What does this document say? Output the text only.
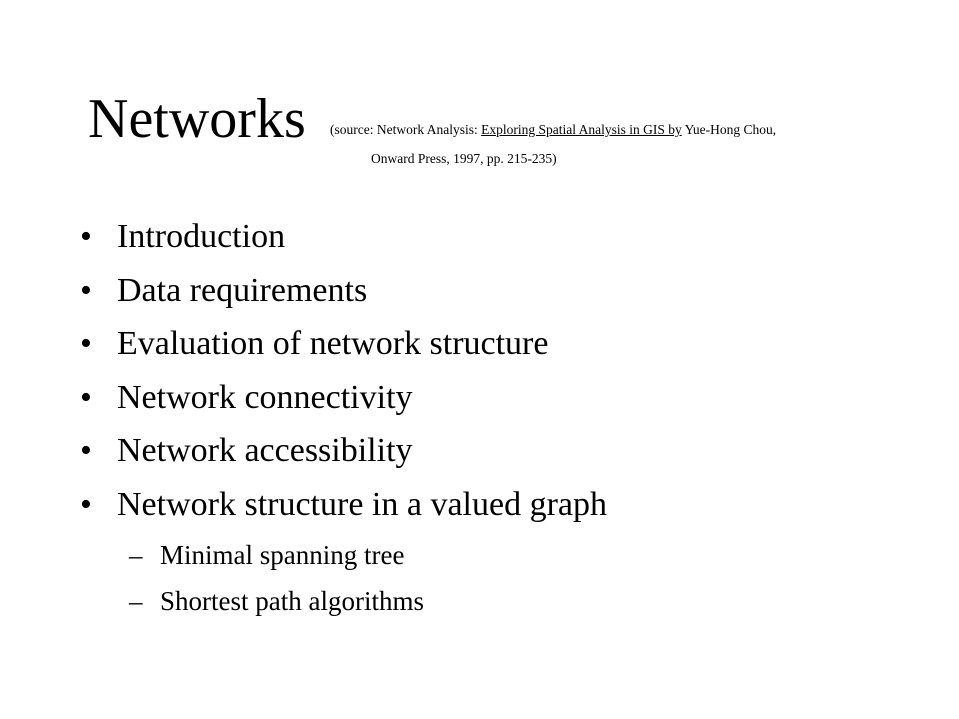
Networks (source: Network Analysis: Exploring Spatial Analysis in GIS by Yue-Hong Chou,
Onward Press, 1997, pp. 215-235)
• Introduction
• Data requirements
• Evaluation of network structure
• Network connectivity
• Network accessibility
• Network structure in a valued graph
– Minimal spanning tree
– Shortest path algorithms
